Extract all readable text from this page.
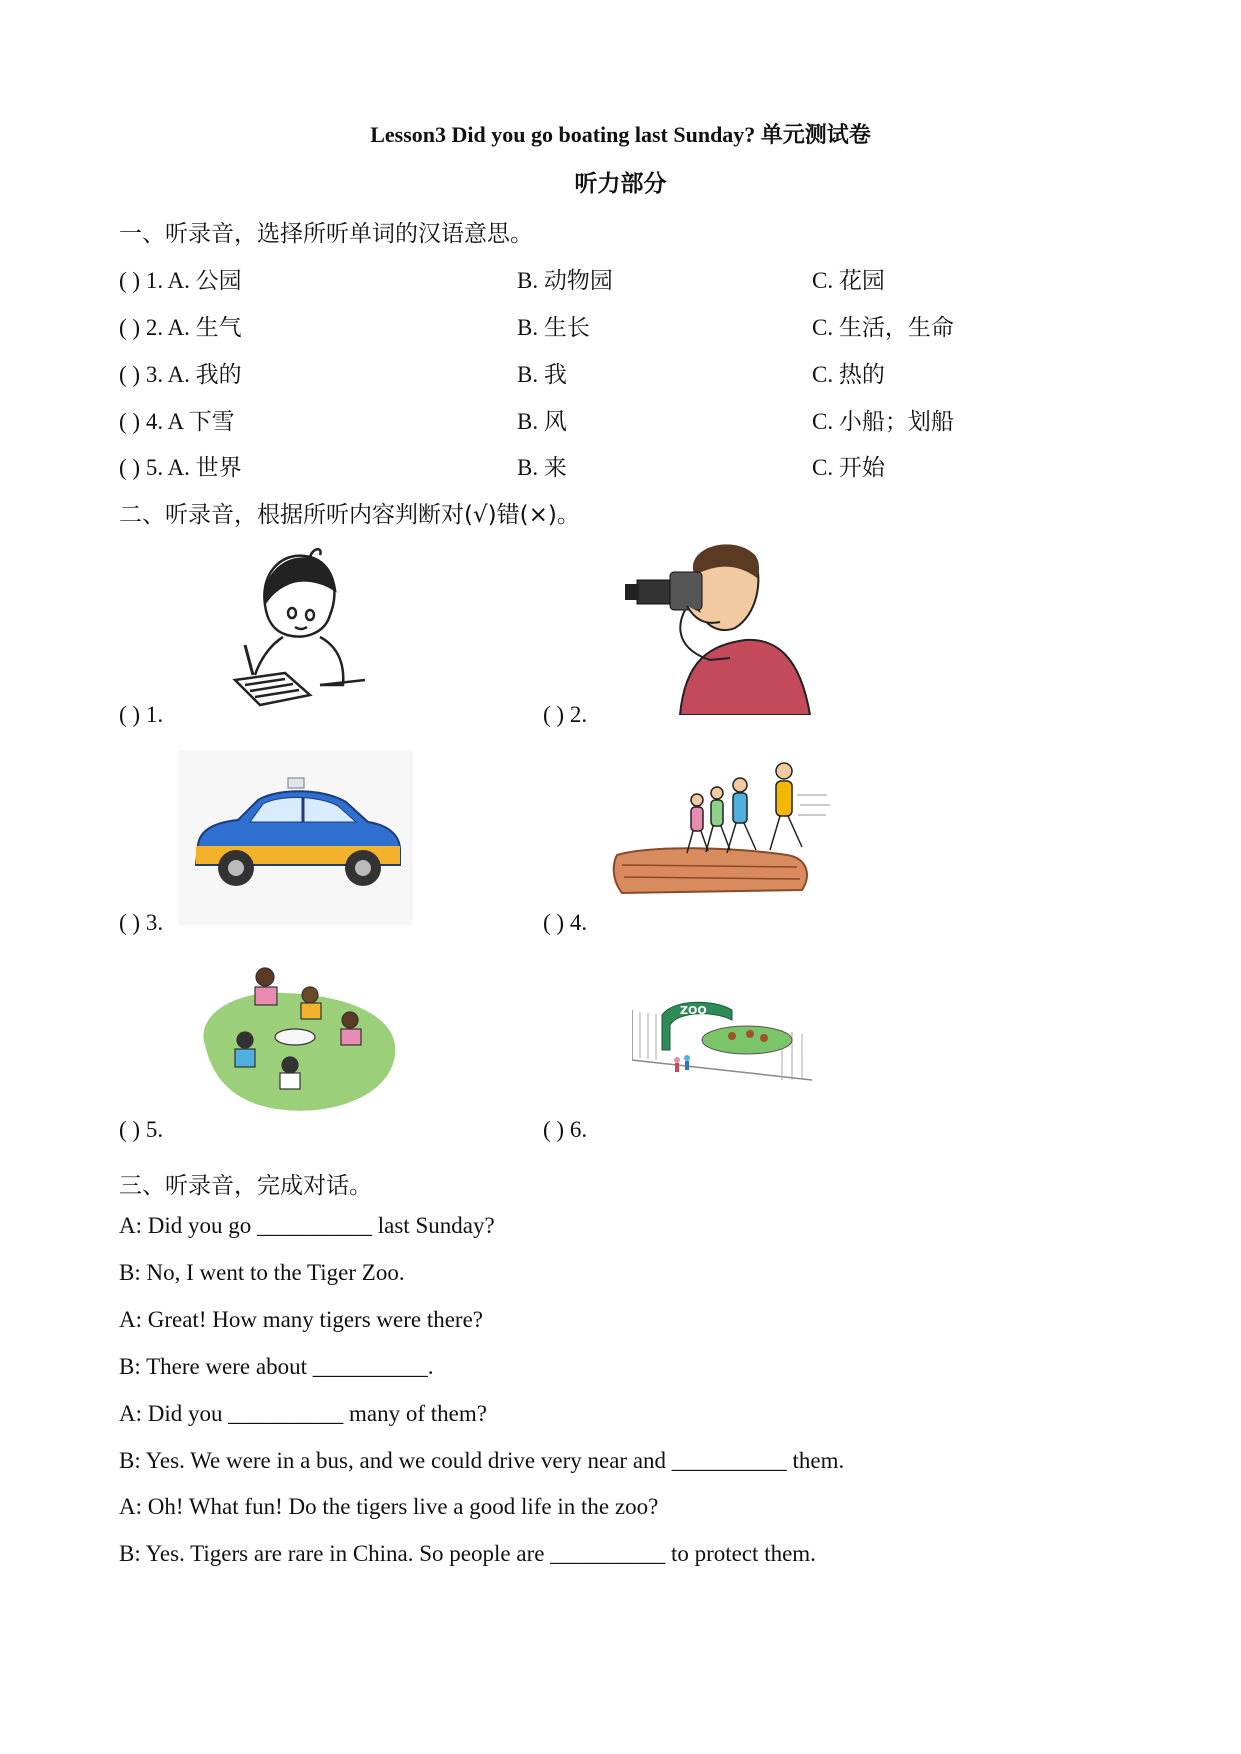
Lesson3 Did you go boating last Sunday? 单元测试卷
听力部分
一、听录音，选择所听单词的汉语意思。
( ) 1. A. 公园	B. 动物园	C. 花园
( ) 2. A. 生气	B. 生长	C. 生活，生命
( ) 3. A. 我的	B. 我	C. 热的
( ) 4. A 下雪	B. 风	C. 小船；划船
( ) 5. A. 世界	B. 来	C. 开始
二、听录音，根据所听内容判断对(√)错(×)。
( ) 1.	( ) 2.
( ) 3.	( ) 4.
( ) 5.
ZOO
( ) 6.
三、听录音，完成对话。
A: Did you go __________ last Sunday?
B: No, I went to the Tiger Zoo.
A: Great! How many tigers were there?
B: There were about __________.
A: Did you __________ many of them?
B: Yes. We were in a bus, and we could drive very near and __________ them.
A: Oh! What fun! Do the tigers live a good life in the zoo?
B: Yes. Tigers are rare in China. So people are __________ to protect them.
